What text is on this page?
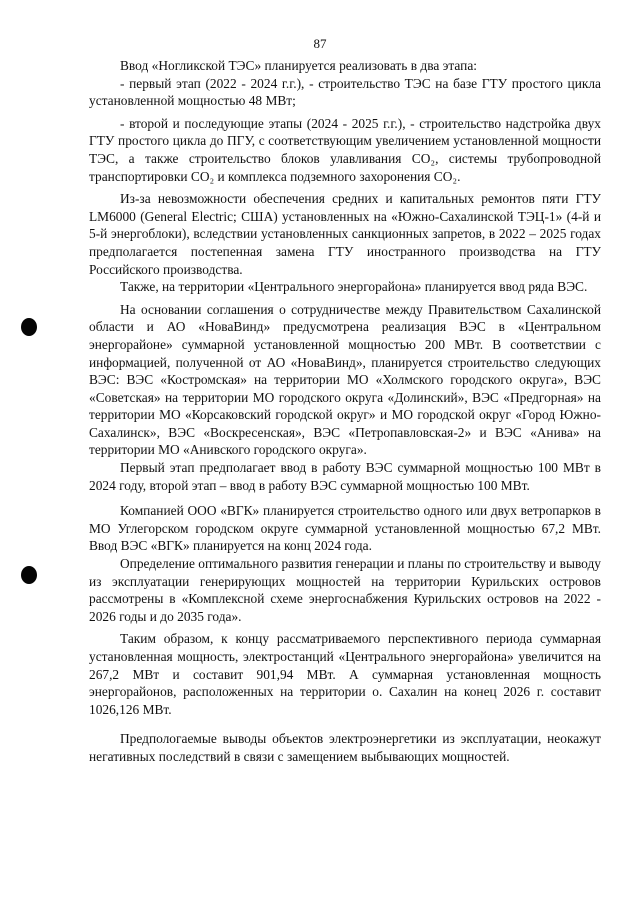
87

Ввод «Ногликской ТЭС» планируется реализовать в два этапа:

- первый этап (2022 - 2024 г.г.), - строительство ТЭС на базе ГТУ простого цикла установленной мощностью 48 МВт;

- второй и последующие этапы (2024 - 2025 г.г.), - строительство надстройка двух ГТУ простого цикла до ПГУ, с соответствующим увеличением установленной мощности ТЭС, а также строительство блоков улавливания CO₂, системы трубопроводной транспортировки CO₂ и комплекса подземного захоронения CO₂.

Из-за невозможности обеспечения средних и капитальных ремонтов пяти ГТУ LM6000 (General Electric; США) установленных на «Южно-Сахалинской ТЭЦ-1» (4-й и 5-й энергоблоки), вследствии установленных санкционных запретов, в 2022 – 2025 годах предполагается постепенная замена ГТУ иностранного производства на ГТУ Российского производства.

Также, на территории «Центрального энергорайона» планируется ввод ряда ВЭС.

На основании соглашения о сотрудничестве между Правительством Сахалинской области и АО «НоваВинд» предусмотрена реализация ВЭС в «Центральном энергорайоне» суммарной установленной мощностью 200 МВт. В соответствии с информацией, полученной от АО «НоваВинд», планируется строительство следующих ВЭС: ВЭС «Костромская» на территории МО «Холмского городского округа», ВЭС «Советская» на территории МО городского округа «Долинский», ВЭС «Предгорная» на территории МО «Корсаковский городской округ» и МО городской округ «Город Южно-Сахалинск», ВЭС «Воскресенская», ВЭС «Петропавловская-2» и ВЭС «Анива» на территории МО «Анивского городского округа».

Первый этап предполагает ввод в работу ВЭС суммарной мощностью 100 МВт в 2024 году, второй этап – ввод в работу ВЭС суммарной мощностью 100 МВт.

Компанией ООО «ВГК» планируется строительство одного или двух ветропарков в МО Углегорском городском округе суммарной установленной мощностью 67,2 МВт. Ввод ВЭС «ВГК» планируется на конц 2024 года.

Определение оптимального развития генерации и планы по строительству и выводу из эксплуатации генерирующих мощностей на территории Курильских островов рассмотрены в «Комплексной схеме энергоснабжения Курильских островов на 2022 - 2026 годы и до 2035 года».

Таким образом, к концу рассматриваемого перспективного периода суммарная установленная мощность, электростанций «Центрального энергорайона» увеличится на 267,2 МВт и составит 901,94 МВт. А суммарная установленная мощность энергорайонов, расположенных на территории о. Сахалин на конец 2026 г. составит 1026,126 МВт.

Предпологаемые выводы объектов электроэнергетики из эксплуатации, неокажут негативных последствий в связи с замещением выбывающих мощностей.
